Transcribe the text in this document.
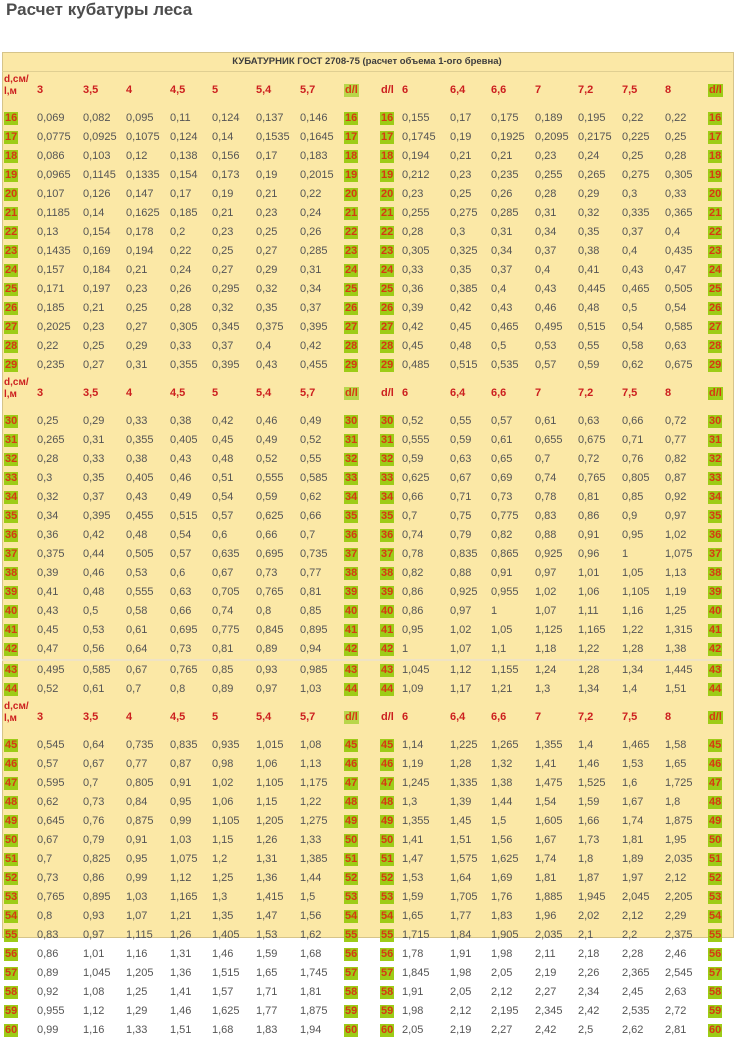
Расчет кубатуры леса
КУБАТУРНИК ГОСТ 2708-75 (расчет объема 1-ого бревна)
d,см/ l,м	3	3,5	4	4,5 5	5,4	5,7	d/l d/l 6	6,4 6,6	7	7,2	7,5	8	d/l
16 0,069 0,082 0,095 0,11 0,124 0,137 0,146 16 16 0,155 0,17 0,175 0,189 0,195 0,22 0,22 16
17 0,0775 0,0925 0,1075 0,124 0,14 0,1535 0,1645 17 17 0,1745 0,19 0,1925 0,2095 0,2175 0,225 0,25 17
18 0,086 0,103 0,12 0,138 0,156 0,17 0,183 18 18 0,194 0,21 0,21 0,23 0,24 0,25 0,28 18
19 0,0965 0,1145 0,1335 0,154 0,173 0,19 0,2015 19 19 0,212 0,23 0,235 0,255 0,265 0,275 0,305 19
20 0,107 0,126 0,147 0,17 0,19 0,21 0,22 20 20 0,23 0,25 0,26 0,28 0,29 0,3	0,33 20
21 0,1185 0,14 0,1625 0,185 0,21 0,23 0,24 21 21 0,255 0,275 0,285 0,31 0,32 0,335 0,365 21
22 0,13 0,154 0,178 0,2 0,23 0,25 0,26 22 22 0,28 0,3 0,31 0,34 0,35 0,37 0,4	22
23 0,1435 0,169 0,194 0,22 0,25 0,27 0,285 23 23 0,305 0,325 0,34 0,37 0,38 0,4	0,435 23
24 0,157 0,184 0,21 0,24 0,27 0,29 0,31 24 24 0,33 0,35 0,37 0,4	0,41 0,43 0,47 24
25 0,171 0,197 0,23 0,26 0,295 0,32 0,34 25 25 0,36 0,385 0,4	0,43 0,445 0,465 0,505 25
26 0,185 0,21 0,25 0,28 0,32 0,35 0,37 26 26 0,39 0,42 0,43 0,46 0,48 0,5	0,54 26
27 0,2025 0,23 0,27 0,305 0,345 0,375 0,395 27 27 0,42 0,45 0,465 0,495 0,515 0,54 0,585 27
28 0,22 0,25 0,29 0,33 0,37 0,4	0,42 28 28 0,45 0,48 0,5	0,53 0,55 0,58 0,63 28
29 0,235 0,27 0,31 0,355 0,395 0,43 0,455 29 29 0,485 0,515 0,535 0,57 0,59 0,62 0,675 29
d,см/ l,м	3	3,5	4	4,5 5	5,4	5,7	d/l d/l 6	6,4 6,6	7	7,2	7,5	8	d/l
30 0,25 0,29 0,33 0,38 0,42 0,46 0,49 30 30 0,52 0,55 0,57 0,61 0,63 0,66 0,72 30
31 0,265 0,31 0,355 0,405 0,45 0,49 0,52 31 31 0,555 0,59 0,61 0,655 0,675 0,71 0,77 31
32 0,28 0,33 0,38 0,43 0,48 0,52 0,55 32 32 0,59 0,63 0,65 0,7	0,72 0,76 0,82 32
33 0,3	0,35 0,405 0,46 0,51 0,555 0,585 33 33 0,625 0,67 0,69 0,74 0,765 0,805 0,87 33
34 0,32 0,37 0,43 0,49 0,54 0,59 0,62 34 34 0,66 0,71 0,73 0,78 0,81 0,85 0,92 34
35 0,34 0,395 0,455 0,515 0,57 0,625 0,66 35 35 0,7	0,75 0,775 0,83 0,86 0,9	0,97 35
36 0,36 0,42 0,48 0,54 0,6	0,66 0,7	36 36 0,74 0,79 0,82 0,88 0,91 0,95 1,02 36
37 0,375 0,44 0,505 0,57 0,635 0,695 0,735 37 37 0,78 0,835 0,865 0,925 0,96 1	1,075 37
38 0,39 0,46 0,53 0,6 0,67 0,73 0,77 38 38 0,82 0,88 0,91 0,97 1,01 1,05 1,13 38
39 0,41 0,48 0,555 0,63 0,705 0,765 0,81 39 39 0,86 0,925 0,955 1,02 1,06 1,105 1,19 39
40 0,43 0,5	0,58 0,66 0,74 0,8	0,85 40 40 0,86 0,97 1	1,07 1,11 1,16 1,25 40
41 0,45 0,53 0,61 0,695 0,775 0,845 0,895 41 41 0,95 1,02 1,05 1,125 1,165 1,22 1,315 41
42 0,47 0,56 0,64 0,73 0,81 0,89 0,94 42 42 1	1,07 1,1	1,18 1,22 1,28 1,38 42
43 0,495 0,585 0,67 0,765 0,85 0,93 0,985 43 43 1,045 1,12 1,155 1,24 1,28 1,34 1,445 43
44 0,52 0,61 0,7	0,8 0,89 0,97 1,03 44 44 1,09 1,17 1,21 1,3	1,34 1,4	1,51 44
d,см/ l,м	3	3,5	4	4,5 5	5,4	5,7	d/l d/l 6	6,4 6,6	7	7,2	7,5	8	d/l
45 0,545 0,64 0,735 0,835 0,935 1,015 1,08 45 45 1,14 1,225 1,265 1,355 1,4	1,465 1,58 45
46 0,57 0,67 0,77 0,87 0,98 1,06 1,13 46 46 1,19 1,28 1,32 1,41 1,46 1,53 1,65 46
47 0,595 0,7	0,805 0,91 1,02 1,105 1,175 47 47 1,245 1,335 1,38 1,475 1,525 1,6	1,725 47
48 0,62 0,73 0,84 0,95 1,06 1,15 1,22 48 48 1,3	1,39 1,44 1,54 1,59 1,67 1,8	48
49 0,645 0,76 0,875 0,99 1,105 1,205 1,275 49 49 1,355 1,45 1,5	1,605 1,66 1,74 1,875 49
50 0,67 0,79 0,91 1,03 1,15 1,26 1,33 50 50 1,41 1,51 1,56 1,67 1,73 1,81 1,95 50
51 0,7	0,825 0,95 1,075 1,2	1,31 1,385 51 51 1,47 1,575 1,625 1,74 1,8	1,89 2,035 51
52 0,73 0,86 0,99 1,12 1,25 1,36 1,44 52 52 1,53 1,64 1,69 1,81 1,87 1,97 2,12 52
53 0,765 0,895 1,03 1,165 1,3	1,415 1,5	53 53 1,59 1,705 1,76 1,885 1,945 2,045 2,205 53
54 0,8	0,93 1,07 1,21 1,35 1,47 1,56 54 54 1,65 1,77 1,83 1,96 2,02 2,12 2,29 54
55 0,83 0,97 1,115 1,26 1,405 1,53 1,62 55 55 1,715 1,84 1,905 2,035 2,1	2,2	2,375 55
56 0,86 1,01 1,16 1,31 1,46 1,59 1,68 56 56 1,78 1,91 1,98 2,11 2,18 2,28 2,46 56
57 0,89 1,045 1,205 1,36 1,515 1,65 1,745 57 57 1,845 1,98 2,05 2,19 2,26 2,365 2,545 57
58 0,92 1,08 1,25 1,41 1,57 1,71 1,81 58 58 1,91 2,05 2,12 2,27 2,34 2,45 2,63 58
59 0,955 1,12 1,29 1,46 1,625 1,77 1,875 59 59 1,98 2,12 2,195 2,345 2,42 2,535 2,72 59
60 0,99 1,16 1,33 1,51 1,68 1,83 1,94 60 60 2,05 2,19 2,27 2,42 2,5	2,62 2,81 60
